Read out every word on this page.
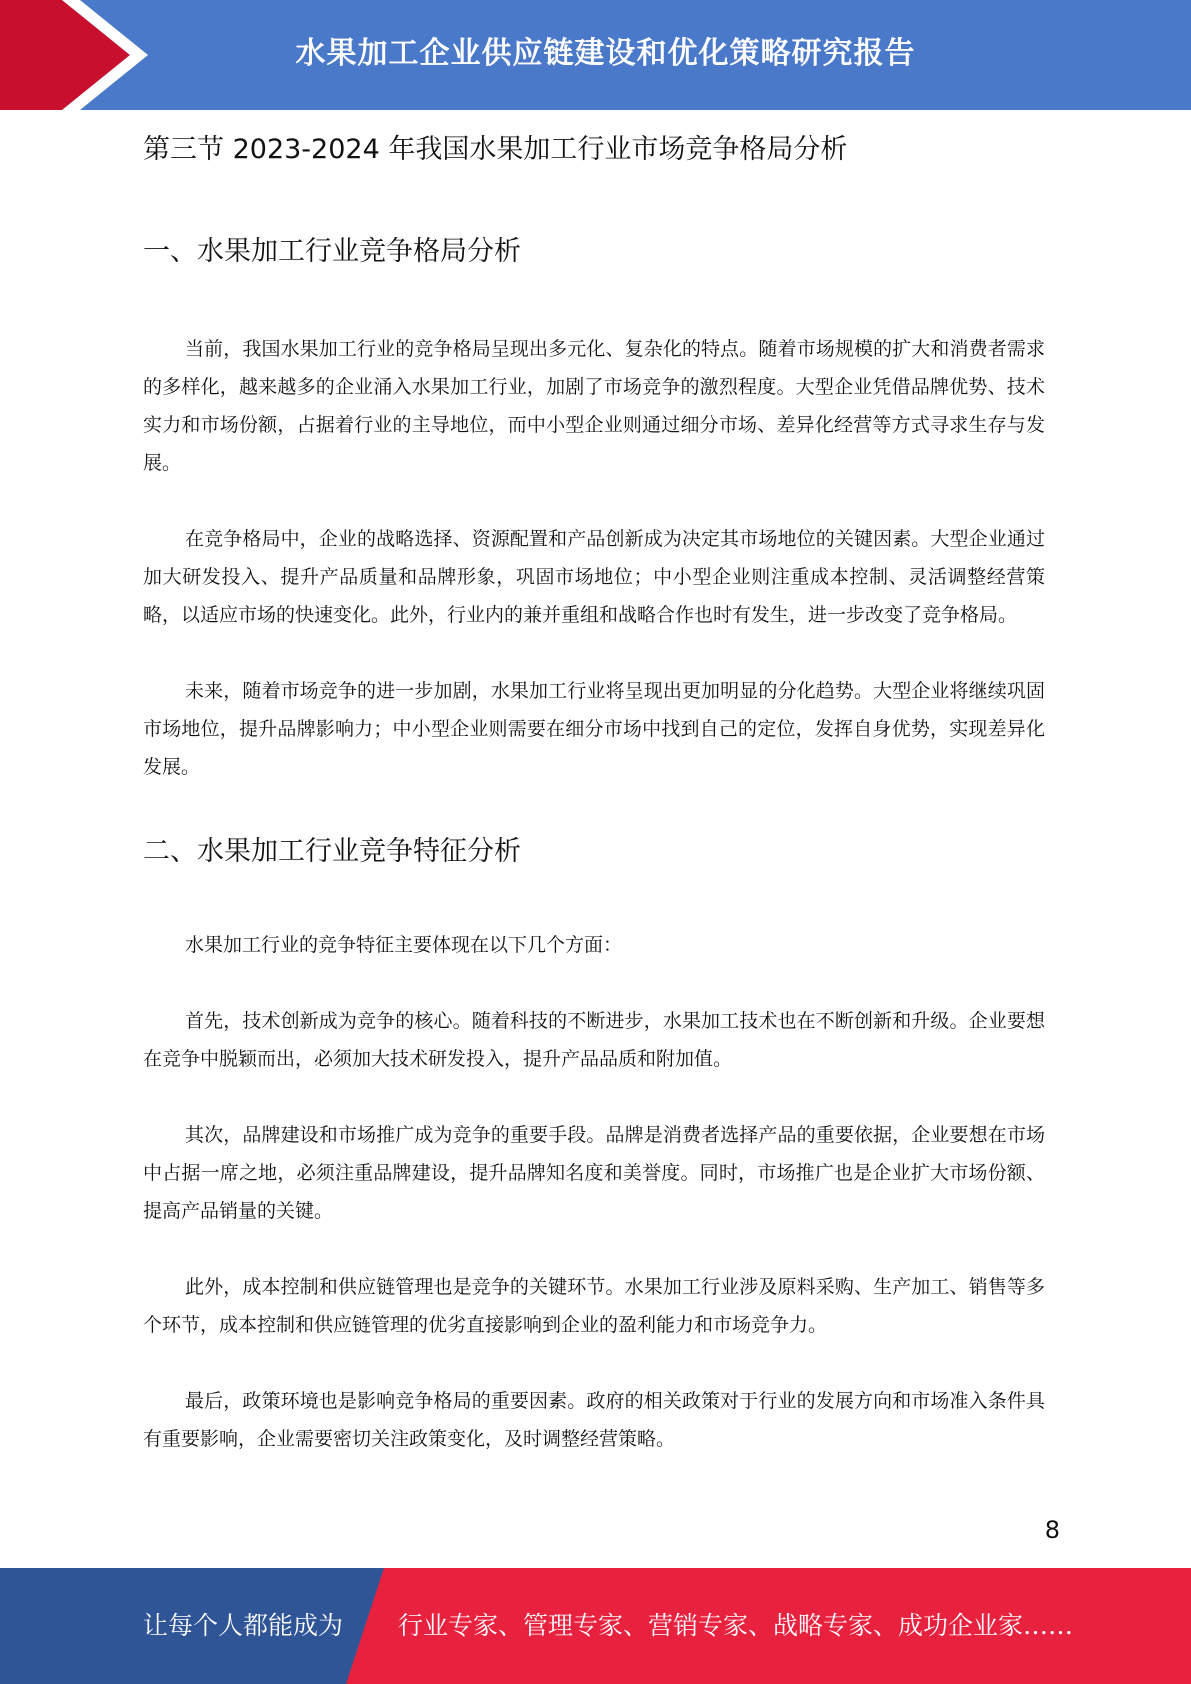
水果加工企业供应链建设和优化策略研究报告
第三节 2023-2024 年我国水果加工行业市场竞争格局分析
一、水果加工行业竞争格局分析

当前，我国水果加工行业的竞争格局呈现出多元化、复杂化的特点。随着市场规模的扩大和消费者需求的多样化，越来越多的企业涌入水果加工行业，加剧了市场竞争的激烈程度。大型企业凭借品牌优势、技术实力和市场份额，占据着行业的主导地位，而中小型企业则通过细分市场、差异化经营等方式寻求生存与发展。

在竞争格局中，企业的战略选择、资源配置和产品创新成为决定其市场地位的关键因素。大型企业通过加大研发投入、提升产品质量和品牌形象，巩固市场地位；中小型企业则注重成本控制、灵活调整经营策略，以适应市场的快速变化。此外，行业内的兼并重组和战略合作也时有发生，进一步改变了竞争格局。

未来，随着市场竞争的进一步加剧，水果加工行业将呈现出更加明显的分化趋势。大型企业将继续巩固市场地位，提升品牌影响力；中小型企业则需要在细分市场中找到自己的定位，发挥自身优势，实现差异化发展。

二、水果加工行业竞争特征分析

水果加工行业的竞争特征主要体现在以下几个方面：

首先，技术创新成为竞争的核心。随着科技的不断进步，水果加工技术也在不断创新和升级。企业要想在竞争中脱颖而出，必须加大技术研发投入，提升产品品质和附加值。

其次，品牌建设和市场推广成为竞争的重要手段。品牌是消费者选择产品的重要依据，企业要想在市场中占据一席之地，必须注重品牌建设，提升品牌知名度和美誉度。同时，市场推广也是企业扩大市场份额、提高产品销量的关键。

此外，成本控制和供应链管理也是竞争的关键环节。水果加工行业涉及原料采购、生产加工、销售等多个环节，成本控制和供应链管理的优劣直接影响到企业的盈利能力和市场竞争力。

最后，政策环境也是影响竞争格局的重要因素。政府的相关政策对于行业的发展方向和市场准入条件具有重要影响，企业需要密切关注政策变化，及时调整经营策略。

8
让每个人都能成为 行业专家、管理专家、营销专家、战略专家、成功企业家……
